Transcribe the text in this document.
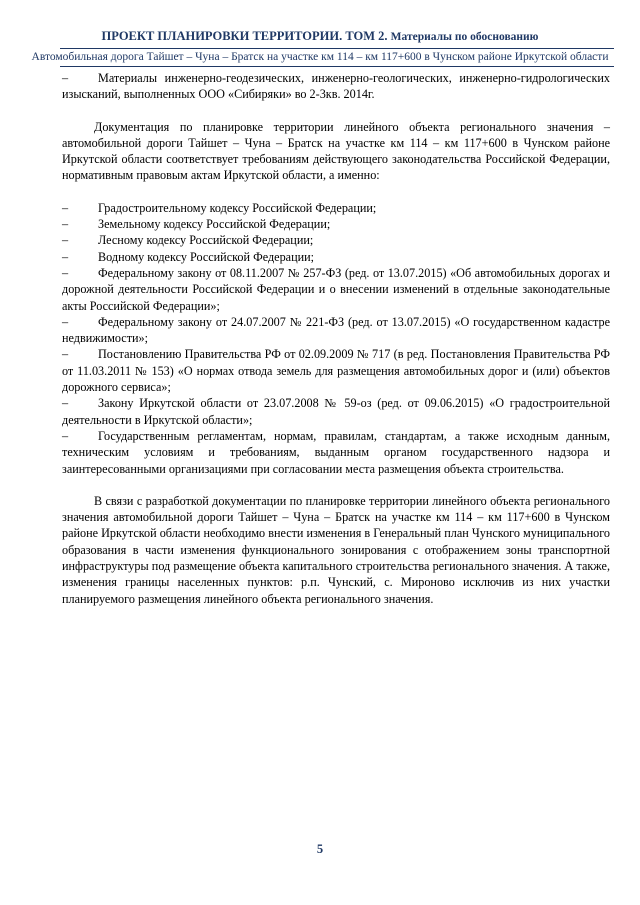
ПРОЕКТ ПЛАНИРОВКИ ТЕРРИТОРИИ. ТОМ 2. Материалы по обоснованию
Автомобильная дорога Тайшет – Чуна – Братск на участке км 114 – км 117+600 в Чунском районе Иркутской области

– Материалы инженерно-геодезических, инженерно-геологических, инженерно-гидрологических изысканий, выполненных ООО «Сибиряки» во 2-3кв. 2014г.

Документация по планировке территории линейного объекта регионального значения – автомобильной дороги Тайшет – Чуна – Братск на участке км 114 – км 117+600 в Чунском районе Иркутской области соответствует требованиям действующего законодательства Российской Федерации, нормативным правовым актам Иркутской области, а именно:

–	Градостроительному кодексу Российской Федерации;
–	Земельному кодексу Российской Федерации;
–	Лесному кодексу Российской Федерации;
–	Водному кодексу Российской Федерации;

– Федеральному закону от 08.11.2007 № 257-ФЗ (ред. от 13.07.2015) «Об автомобильных дорогах и дорожной деятельности Российской Федерации и о внесении изменений в отдельные законодательные акты Российской Федерации»;

– Федеральному закону от 24.07.2007 № 221-ФЗ (ред. от 13.07.2015) «О государственном кадастре недвижимости»;

– Постановлению Правительства РФ от 02.09.2009 № 717 (в ред. Постановления Правительства РФ от 11.03.2011 № 153) «О нормах отвода земель для размещения автомобильных дорог и (или) объектов дорожного сервиса»;

– Закону Иркутской области от 23.07.2008 № 59-оз (ред. от 09.06.2015) «О градостроительной деятельности в Иркутской области»;

– Государственным регламентам, нормам, правилам, стандартам, а также исходным данным, техническим условиям и требованиям, выданным органом государственного надзора и заинтересованными организациями при согласовании места размещения объекта строительства.

В связи с разработкой документации по планировке территории линейного объекта регионального значения автомобильной дороги Тайшет – Чуна – Братск на участке км 114 – км 117+600 в Чунском районе Иркутской области необходимо внести изменения в Генеральный план Чунского муниципального образования в части изменения функционального зонирования с отображением зоны транспортной инфраструктуры под размещение объекта капитального строительства регионального значения. А также, изменения границы населенных пунктов: р.п. Чунский, с. Мироново исключив из них участки планируемого размещения линейного объекта регионального значения.

5
